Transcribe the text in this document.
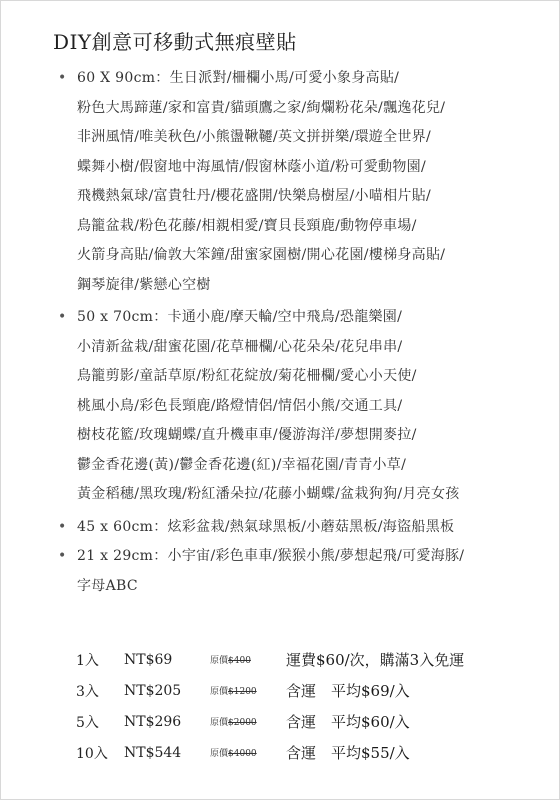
DIY創意可移動式無痕壁貼
• 60 X 90cm：生日派對/柵欄小馬/可愛小象身高貼/
粉色大馬蹄蓮/家和富貴/貓頭鷹之家/絢爛粉花朵/飄逸花兒/
非洲風情/唯美秋色/小熊盪鞦韆/英文拼拼樂/環遊全世界/
蝶舞小樹/假窗地中海風情/假窗林蔭小道/粉可愛動物園/
飛機熱氣球/富貴牡丹/櫻花盛開/快樂鳥樹屋/小喵相片貼/
鳥籠盆栽/粉色花藤/相親相愛/寶貝長頸鹿/動物停車場/
火箭身高貼/倫敦大笨鐘/甜蜜家園樹/開心花園/樓梯身高貼/
鋼琴旋律/紫戀心空樹
• 50 x 70cm：卡通小鹿/摩天輪/空中飛鳥/恐龍樂園/
小清新盆栽/甜蜜花園/花草柵欄/心花朵朵/花兒串串/
鳥籠剪影/童話草原/粉紅花綻放/菊花柵欄/愛心小天使/
桃風小鳥/彩色長頸鹿/路燈情侶/情侶小熊/交通工具/
樹枝花籃/玫瑰蝴蝶/直升機車車/優游海洋/夢想開麥拉/
鬱金香花邊(黃)/鬱金香花邊(紅)/幸福花園/青青小草/
黃金稻穗/黑玫瑰/粉紅潘朵拉/花藤小蝴蝶/盆栽狗狗/月亮女孩
• 45 x 60cm：炫彩盆栽/熱氣球黑板/小蘑菇黑板/海盜船黑板
• 21 x 29cm：小宇宙/彩色車車/猴猴小熊/夢想起飛/可愛海豚/
字母ABC
1入	NT$69	原價$400	運費$60/次，購滿3入免運
3入	NT$205	原價$1200	含運　平均$69/入
5入	NT$296	原價$2000	含運　平均$60/入
10入	NT$544	原價$4000	含運　平均$55/入
